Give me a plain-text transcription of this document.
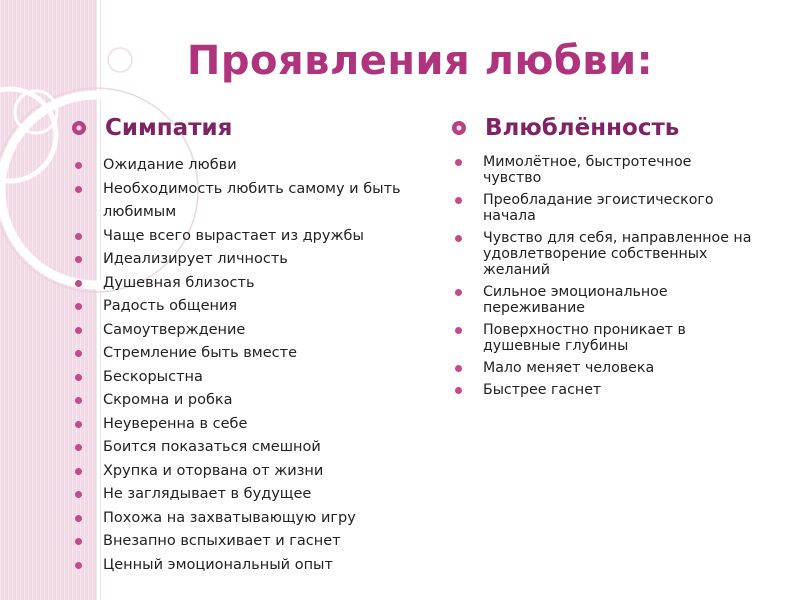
Проявления любви:
Симпатия
Ожидание любви
Необходимость любить самому и быть любимым
Чаще всего вырастает из дружбы
Идеализирует личность
Душевная близость
Радость общения
Самоутверждение
Стремление быть вместе
Бескорыстна
Скромна и робка
Неуверенна в себе
Боится показаться смешной
Хрупка и оторвана от жизни
Не заглядывает в будущее
Похожа на захватывающую игру
Внезапно вспыхивает и гаснет
Ценный эмоциональный опыт
Влюблённость
Мимолётное, быстротечное чувство
Преобладание эгоистического начала
Чувство для себя, направленное на удовлетворение собственных желаний
Сильное эмоциональное переживание
Поверхностно проникает в душевные глубины
Мало меняет человека
Быстрее гаснет
